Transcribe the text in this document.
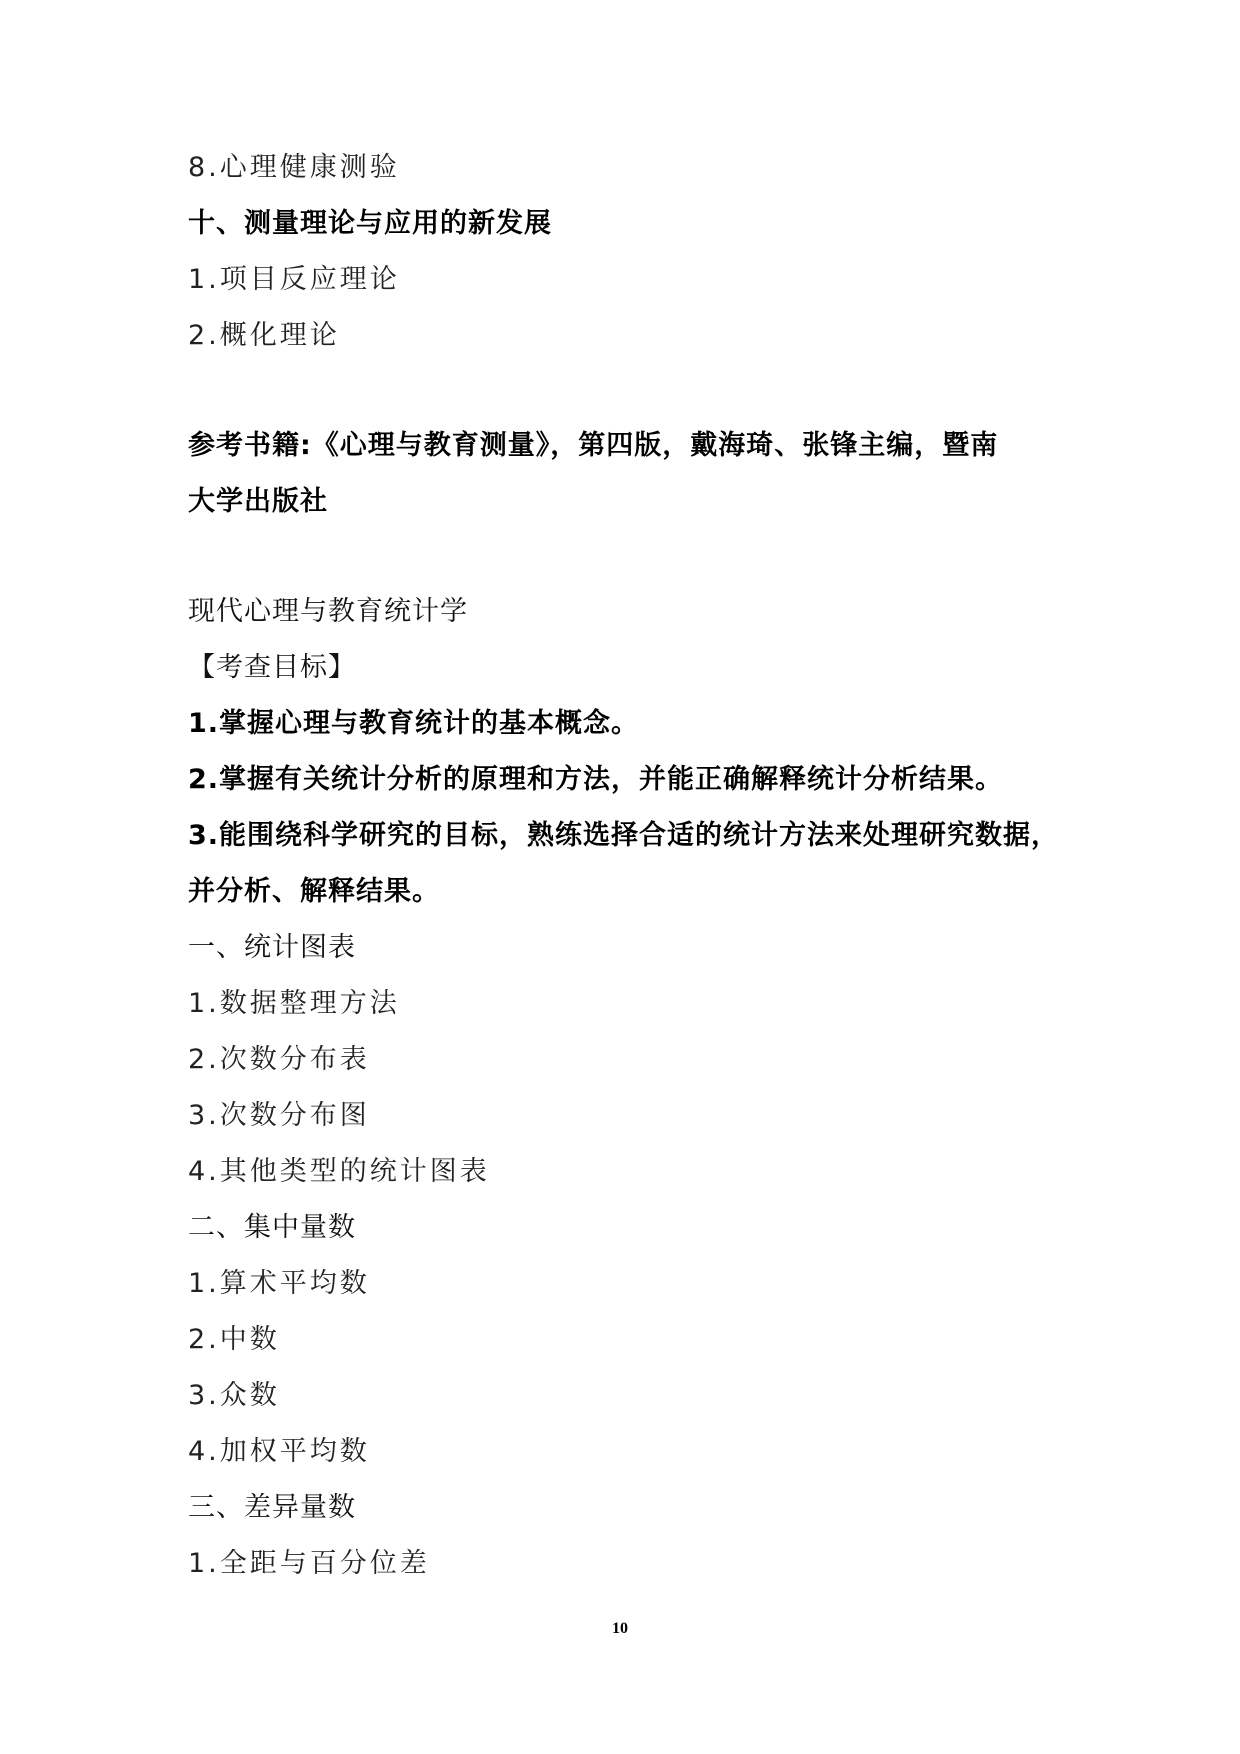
8.心理健康测验
十、测量理论与应用的新发展
1.项目反应理论
2.概化理论
参考书籍:《心理与教育测量》，第四版，戴海琦、张锋主编，暨南
大学出版社
现代心理与教育统计学
【考查目标】
1.掌握心理与教育统计的基本概念。
2.掌握有关统计分析的原理和方法，并能正确解释统计分析结果。
3.能围绕科学研究的目标，熟练选择合适的统计方法来处理研究数据，
并分析、解释结果。
一、统计图表
1.数据整理方法
2.次数分布表
3.次数分布图
4.其他类型的统计图表
二、集中量数
1.算术平均数
2.中数
3.众数
4.加权平均数
三、差异量数
1.全距与百分位差
10
